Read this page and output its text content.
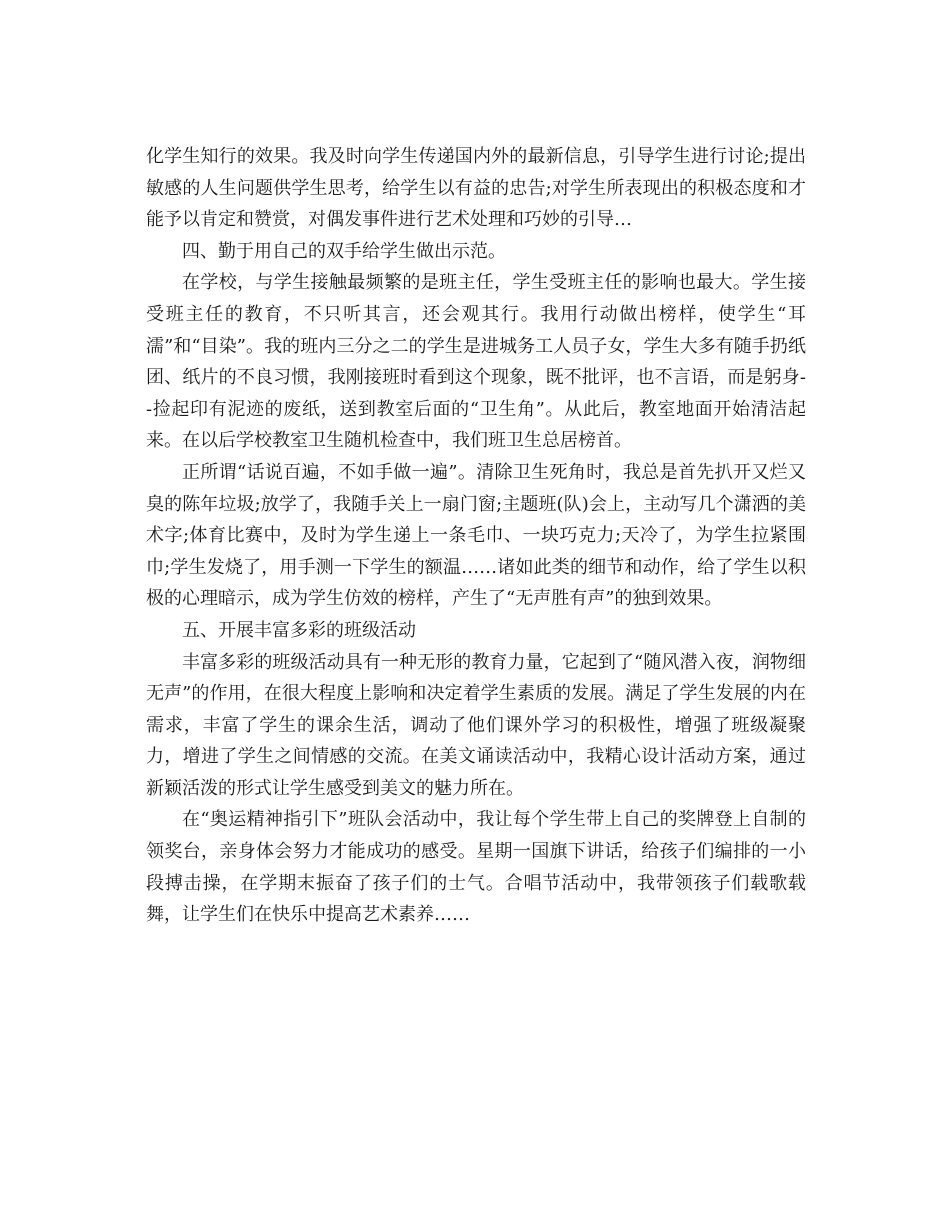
化学生知行的效果。我及时向学生传递国内外的最新信息，引导学生进行讨论;提出敏感的人生问题供学生思考，给学生以有益的忠告;对学生所表现出的积极态度和才能予以肯定和赞赏，对偶发事件进行艺术处理和巧妙的引导…

四、勤于用自己的双手给学生做出示范。

在学校，与学生接触最频繁的是班主任，学生受班主任的影响也最大。学生接受班主任的教育，不只听其言，还会观其行。我用行动做出榜样，使学生“耳濡”和“目染”。我的班内三分之二的学生是进城务工人员子女，学生大多有随手扔纸团、纸片的不良习惯，我刚接班时看到这个现象，既不批评，也不言语，而是躬身--捡起印有泥迹的废纸，送到教室后面的“卫生角”。从此后，教室地面开始清洁起来。在以后学校教室卫生随机检查中，我们班卫生总居榜首。

正所谓“话说百遍，不如手做一遍”。清除卫生死角时，我总是首先扒开又烂又臭的陈年垃圾;放学了，我随手关上一扇门窗;主题班(队)会上，主动写几个潇洒的美术字;体育比赛中，及时为学生递上一条毛巾、一块巧克力;天冷了，为学生拉紧围巾;学生发烧了，用手测一下学生的额温……诸如此类的细节和动作，给了学生以积极的心理暗示，成为学生仿效的榜样，产生了“无声胜有声”的独到效果。

五、开展丰富多彩的班级活动

丰富多彩的班级活动具有一种无形的教育力量，它起到了“随风潜入夜，润物细无声”的作用，在很大程度上影响和决定着学生素质的发展。满足了学生发展的内在需求，丰富了学生的课余生活，调动了他们课外学习的积极性，增强了班级凝聚力，增进了学生之间情感的交流。在美文诵读活动中，我精心设计活动方案，通过新颖活泼的形式让学生感受到美文的魅力所在。

在“奥运精神指引下”班队会活动中，我让每个学生带上自己的奖牌登上自制的领奖台，亲身体会努力才能成功的感受。星期一国旗下讲话，给孩子们编排的一小段搏击操，在学期末振奋了孩子们的士气。合唱节活动中，我带领孩子们载歌载舞，让学生们在快乐中提高艺术素养……
